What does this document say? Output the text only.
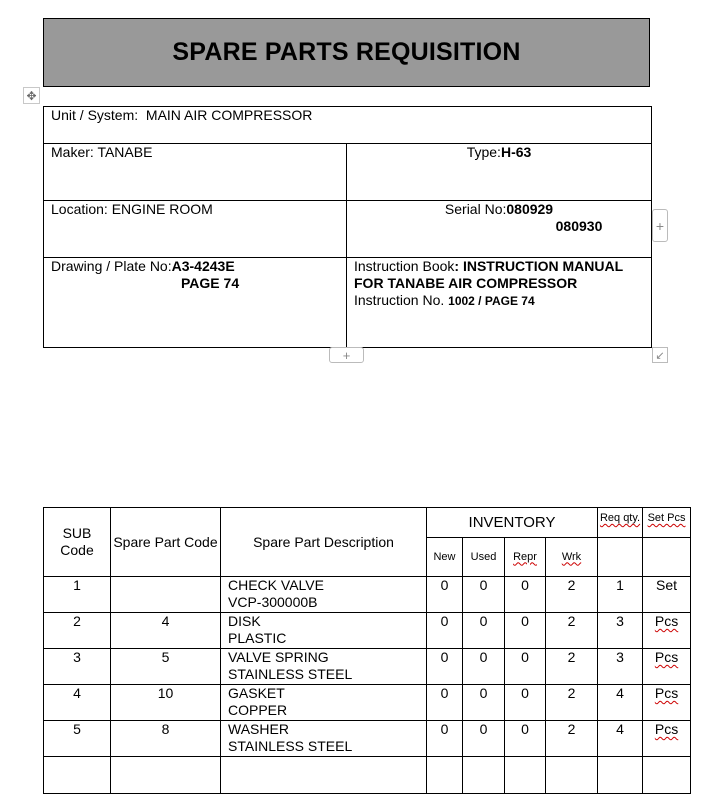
SPARE PARTS REQUISITION
✥
Unit / System: MAIN AIR COMPRESSOR	
Maker: TANABE	Type:H-63
Location: ENGINE ROOM	Serial No:080929
080930

Drawing / Plate No:A3-4243E
PAGE 74	Instruction Book: INSTRUCTION MANUAL FOR TANABE AIR COMPRESSOR
Instruction No. 1002 / PAGE 74
+
+	↙
SUB Code	Spare Part Code	Spare Part Description	INVENTORY				Req qty.	Set Pcs
			New	Used	Repr	Wrk		
1		CHECK VALVE
VCP-300000B	0	0	0	2	1	Set
2	4	DISK
PLASTIC	0	0	0	2	3	Pcs
3	5	VALVE SPRING
STAINLESS STEEL	0	0	0	2	3	Pcs
4	10	GASKET
COPPER	0	0	0	2	4	Pcs
5	8	WASHER
STAINLESS STEEL	0	0	0	2	4	Pcs
